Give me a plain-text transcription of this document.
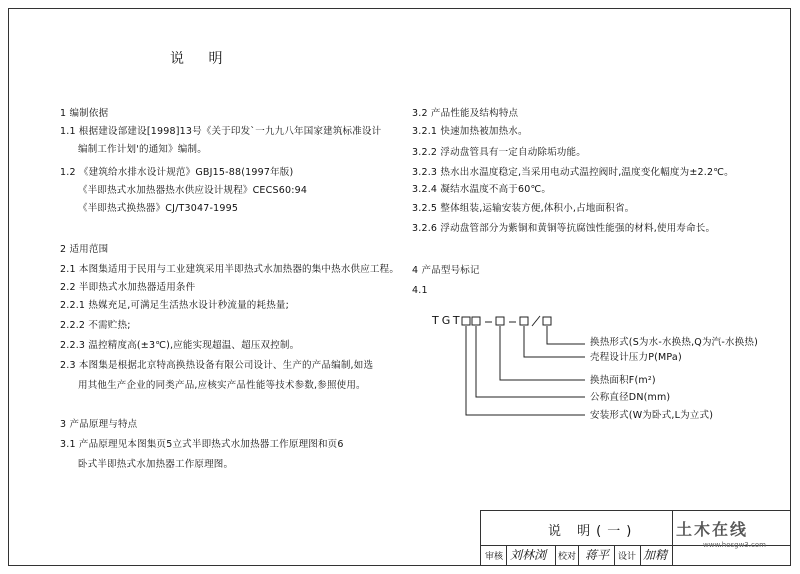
说 明
1 编制依据
1.1 根据建设部建设[1998]13号《关于印发`一九九八年国家建筑标准设计
编制工作计划'的通知》编制。
1.2 《建筑给水排水设计规范》GBJ15-88(1997年版)
《半即热式水加热器热水供应设计规程》CECS60:94
《半即热式换热器》CJ/T3047-1995
2 适用范围
2.1 本图集适用于民用与工业建筑采用半即热式水加热器的集中热水供应工程。
2.2 半即热式水加热器适用条件
2.2.1 热媒充足,可满足生活热水设计秒流量的耗热量;
2.2.2 不需贮热;
2.2.3 温控精度高(±3℃),应能实现超温、超压双控制。
2.3 本图集是根据北京特高换热设备有限公司设计、生产的产品编制,如选
用其他生产企业的同类产品,应核实产品性能等技术参数,参照使用。
3 产品原理与特点
3.1 产品原理见本图集页5立式半即热式水加热器工作原理图和页6
卧式半即热式水加热器工作原理图。
3.2 产品性能及结构特点
3.2.1 快速加热被加热水。
3.2.2 浮动盘管具有一定自动除垢功能。
3.2.3 热水出水温度稳定,当采用电动式温控阀时,温度变化幅度为±2.2℃。
3.2.4 凝结水温度不高于60℃。
3.2.5 整体组装,运输安装方便,体积小,占地面积省。
3.2.6 浮动盘管部分为紫铜和黄铜等抗腐蚀性能强的材料,使用寿命长。
4 产品型号标记
4.1
TGT
换热形式(S为水-水换热,Q为汽-水换热)
壳程设计压力P(MPa)
换热面积F(m²)
公称直径DN(mm)
安装形式(W为卧式,L为立式)
说 明(一)
审核 刘林浏 校对 蒋平 设计 加精
土木在线
www.hosgw3.com
